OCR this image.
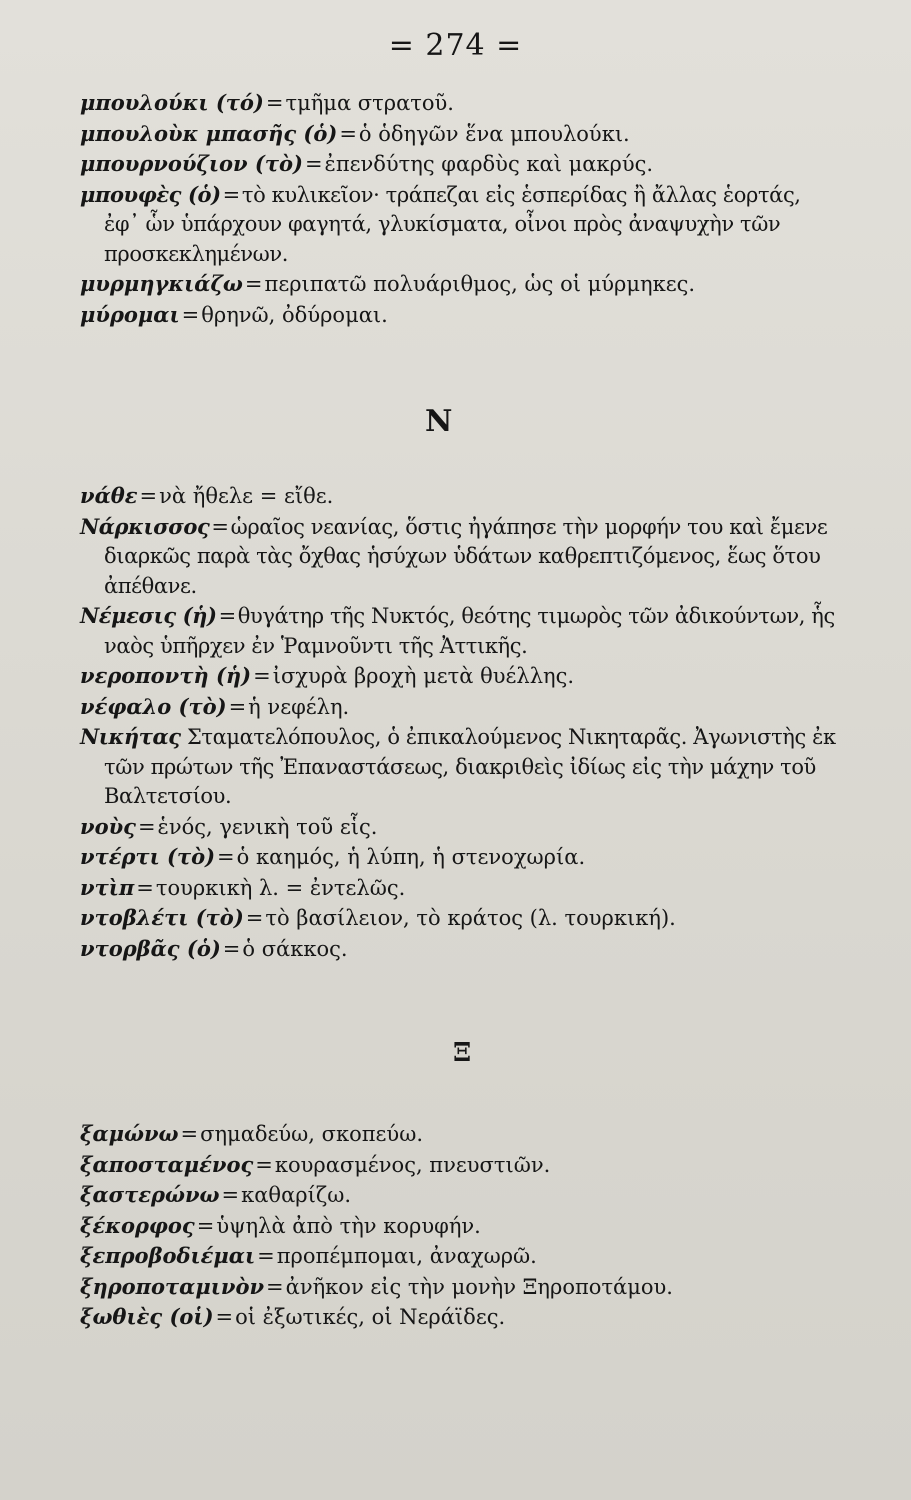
= 274 =

μπουλούκι (τό)=τμῆμα στρατοῦ.

μπουλοὺκ μπασῆς (ὁ)=ὁ ὁδηγῶν ἕνα μπουλούκι.

μπουρνούζιον (τὸ)=ἐπενδύτης φαρδὺς καὶ μακρύς.

μπουφὲς (ὁ)=τὸ κυλικεῖον· τράπεζαι εἰς ἑσπερίδας ἢ ἄλλας ἑορτάς, ἐφ᾽ ὧν ὑπάρχουν φαγητά, γλυκίσματα, οἶνοι πρὸς ἀναψυχὴν τῶν προσκεκλημένων.

μυρμηγκιάζω=περιπατῶ πολυάριθμος, ὡς οἱ μύρμηκες.

μύρομαι=θρηνῶ, ὀδύρομαι.

Ν

νάθε=νὰ ἤθελε = εἴθε.

Νάρκισσος=ὡραῖος νεανίας, ὅστις ἠγάπησε τὴν μορφήν του καὶ ἔμενε διαρκῶς παρὰ τὰς ὄχθας ἡσύχων ὑδάτων καθρεπτιζόμενος, ἕως ὅτου ἀπέθανε.

Νέμεσις (ἡ)=θυγάτηρ τῆς Νυκτός, θεότης τιμωρὸς τῶν ἀδικούντων, ἧς ναὸς ὑπῆρχεν ἐν Ῥαμνοῦντι τῆς Ἀττικῆς.

νεροποντὴ (ἡ)=ἰσχυρὰ βροχὴ μετὰ θυέλλης.

νέφαλο (τὸ)=ἡ νεφέλη.

Νικήτας Σταματελόπουλος, ὁ ἐπικαλούμενος Νικηταρᾶς. Ἀγωνιστὴς ἐκ τῶν πρώτων τῆς Ἐπαναστάσεως, διακριθεὶς ἰδίως εἰς τὴν μάχην τοῦ Βαλτετσίου.

νοὺς=ἑνός, γενικὴ τοῦ εἷς.

ντέρτι (τὸ)=ὁ καημός, ἡ λύπη, ἡ στενοχωρία.

ντὶπ=τουρκικὴ λ. = ἐντελῶς.

ντοβλέτι (τὸ)=τὸ βασίλειον, τὸ κράτος (λ. τουρκική).

ντορβᾶς (ὁ)=ὁ σάκκος.

Ξ

ξαμώνω=σημαδεύω, σκοπεύω.

ξαποσταμένος=κουρασμένος, πνευστιῶν.

ξαστερώνω=καθαρίζω.

ξέκορφος=ὑψηλὰ ἀπὸ τὴν κορυφήν.

ξεπροβοδιέμαι=προπέμπομαι, ἀναχωρῶ.

ξηροποταμινὸν=ἀνῆκον εἰς τὴν μονὴν Ξηροποτάμου.

ξωθιὲς (οἱ)=οἱ ἐξωτικές, οἱ Νεράϊδες.
